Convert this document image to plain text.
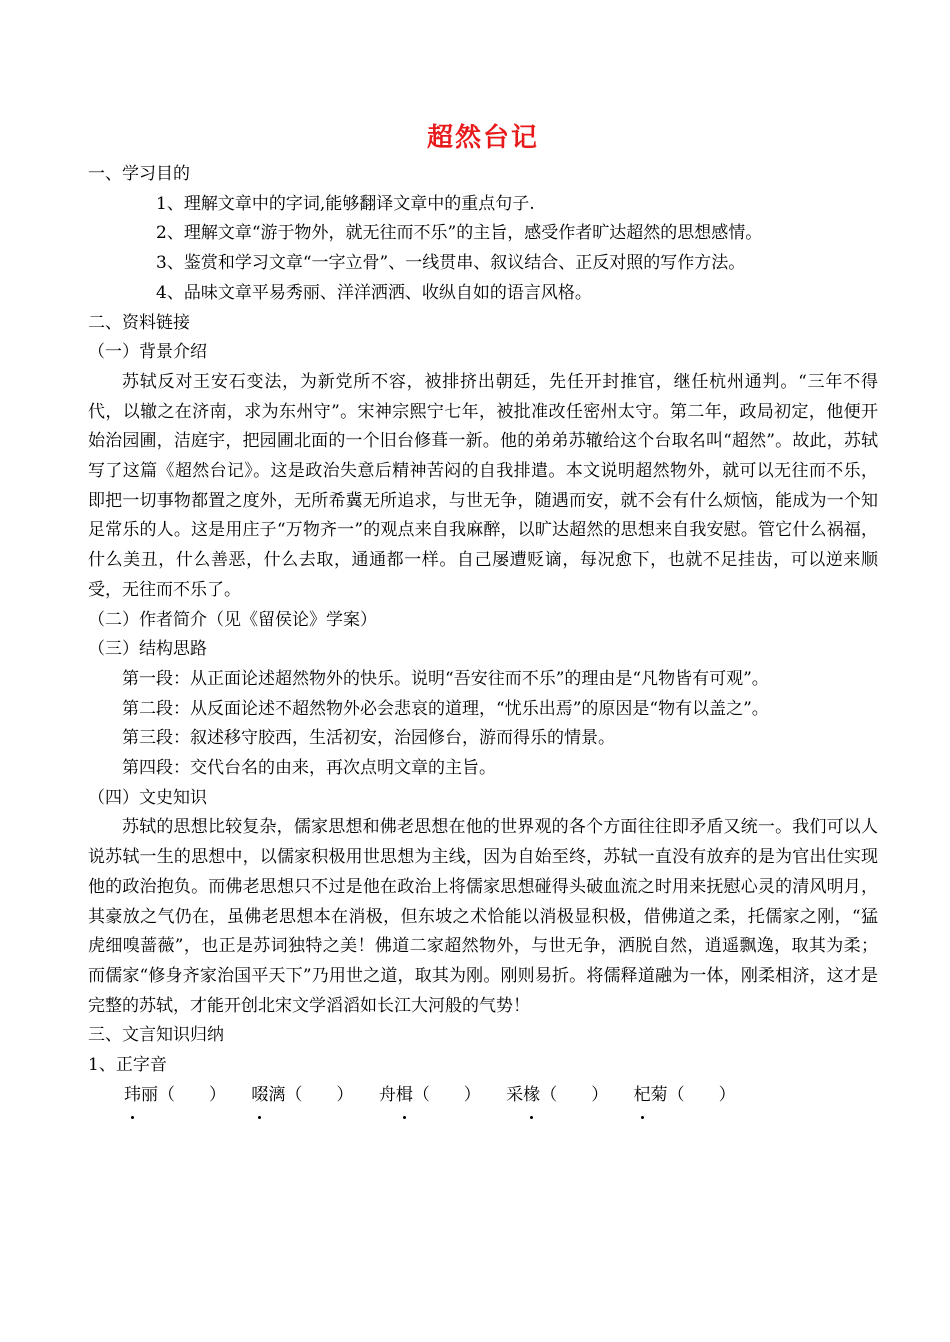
超然台记
一、学习目的
1、理解文章中的字词,能够翻译文章中的重点句子.
2、理解文章“游于物外，就无往而不乐”的主旨，感受作者旷达超然的思想感情。
3、鉴赏和学习文章“一字立骨”、一线贯串、叙议结合、正反对照的写作方法。
4、品味文章平易秀丽、洋洋洒洒、收纵自如的语言风格。
二、资料链接
（一）背景介绍
苏轼反对王安石变法，为新党所不容，被排挤出朝廷，先任开封推官，继任杭州通判。“三年不得代，以辙之在济南，求为东州守”。宋神宗熙宁七年，被批准改任密州太守。第二年，政局初定，他便开始治园圃，洁庭宇，把园圃北面的一个旧台修葺一新。他的弟弟苏辙给这个台取名叫“超然”。故此，苏轼写了这篇《超然台记》。这是政治失意后精神苦闷的自我排遣。本文说明超然物外，就可以无往而不乐，即把一切事物都置之度外，无所希冀无所追求，与世无争，随遇而安，就不会有什么烦恼，能成为一个知足常乐的人。这是用庄子“万物齐一”的观点来自我麻醉，以旷达超然的思想来自我安慰。管它什么祸福，什么美丑，什么善恶，什么去取，通通都一样。自己屡遭贬谪，每况愈下，也就不足挂齿，可以逆来顺受，无往而不乐了。
（二）作者简介（见《留侯论》学案）
（三）结构思路
第一段：从正面论述超然物外的快乐。说明“吾安往而不乐”的理由是“凡物皆有可观”。
第二段：从反面论述不超然物外必会悲哀的道理，“忧乐出焉”的原因是“物有以盖之”。
第三段：叙述移守胶西，生活初安，治园修台，游而得乐的情景。
第四段：交代台名的由来，再次点明文章的主旨。
（四）文史知识
苏轼的思想比较复杂，儒家思想和佛老思想在他的世界观的各个方面往往即矛盾又统一。我们可以人说苏轼一生的思想中，以儒家积极用世思想为主线，因为自始至终，苏轼一直没有放弃的是为官出仕实现他的政治抱负。而佛老思想只不过是他在政治上将儒家思想碰得头破血流之时用来抚慰心灵的清风明月，其豪放之气仍在，虽佛老思想本在消极，但东坡之术恰能以消极显积极，借佛道之柔，托儒家之刚，“猛虎细嗅蔷薇”，也正是苏词独特之美！佛道二家超然物外，与世无争，洒脱自然，逍遥飘逸，取其为柔；而儒家“修身齐家治国平天下”乃用世之道，取其为刚。刚则易折。将儒释道融为一体，刚柔相济，这才是完整的苏轼，才能开创北宋文学滔滔如长江大河般的气势！
三、文言知识归纳
1、正字音
玮丽（　　） 啜漓（　　） 舟楫（　　） 采椽（　　） 杞菊（　　）
